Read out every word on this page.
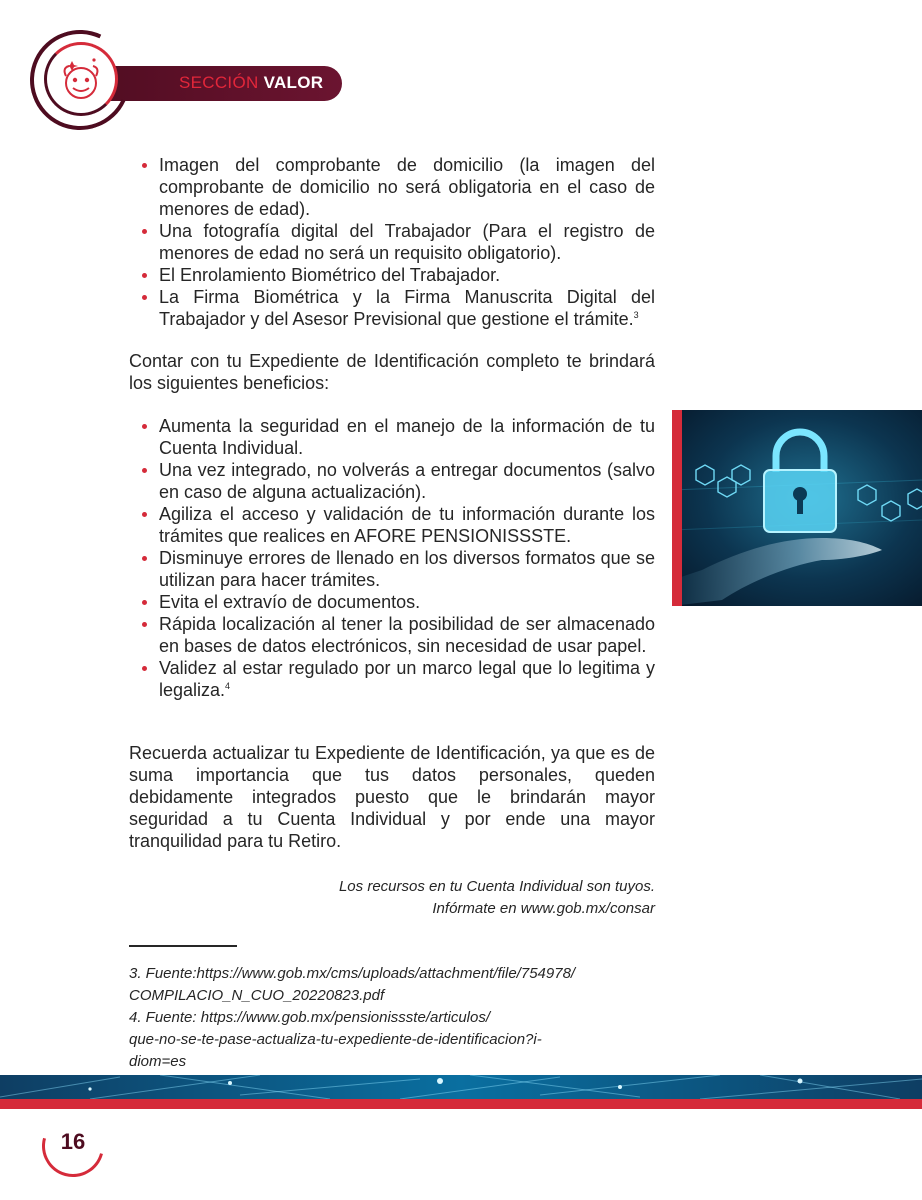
SECCIÓN VALOR
Imagen del comprobante de domicilio (la imagen del comprobante de domicilio no será obligatoria en el caso de menores de edad).
Una fotografía digital del Trabajador (Para el registro de menores de edad no será un requisito obligatorio).
El Enrolamiento Biométrico del Trabajador.
La Firma Biométrica y la Firma Manuscrita Digital del Trabajador y del Asesor Previsional que gestione el trámite.$^3$

Contar con tu Expediente de Identificación completo te brindará los siguientes beneficios:

Aumenta la seguridad en el manejo de la información de tu Cuenta Individual.
Una vez integrado, no volverás a entregar documentos (salvo en caso de alguna actualización).
Agiliza el acceso y validación de tu información durante los trámites que realices en AFORE PENSIONISSSTE.
Disminuye errores de llenado en los diversos formatos que se utilizan para hacer trámites.
Evita el extravío de documentos.
Rápida localización al tener la posibilidad de ser almacenado en bases de datos electrónicos, sin necesidad de usar papel.
Validez al estar regulado por un marco legal que lo legitima y legaliza.$^4$

Recuerda actualizar tu Expediente de Identificación, ya que es de suma importancia que tus datos personales, queden debidamente integrados puesto que le brindarán mayor seguridad a tu Cuenta Individual y por ende una mayor tranquilidad para tu Retiro.

Los recursos en tu Cuenta Individual son tuyos.
Infórmate en www.gob.mx/consar
3. Fuente:https://www.gob.mx/cms/uploads/attachment/file/754978/
COMPILACIO_N_CUO_20220823.pdf
4. Fuente: https://www.gob.mx/pensionissste/articulos/
que-no-se-te-pase-actualiza-tu-expediente-de-identificacion?i-
diom=es
16
